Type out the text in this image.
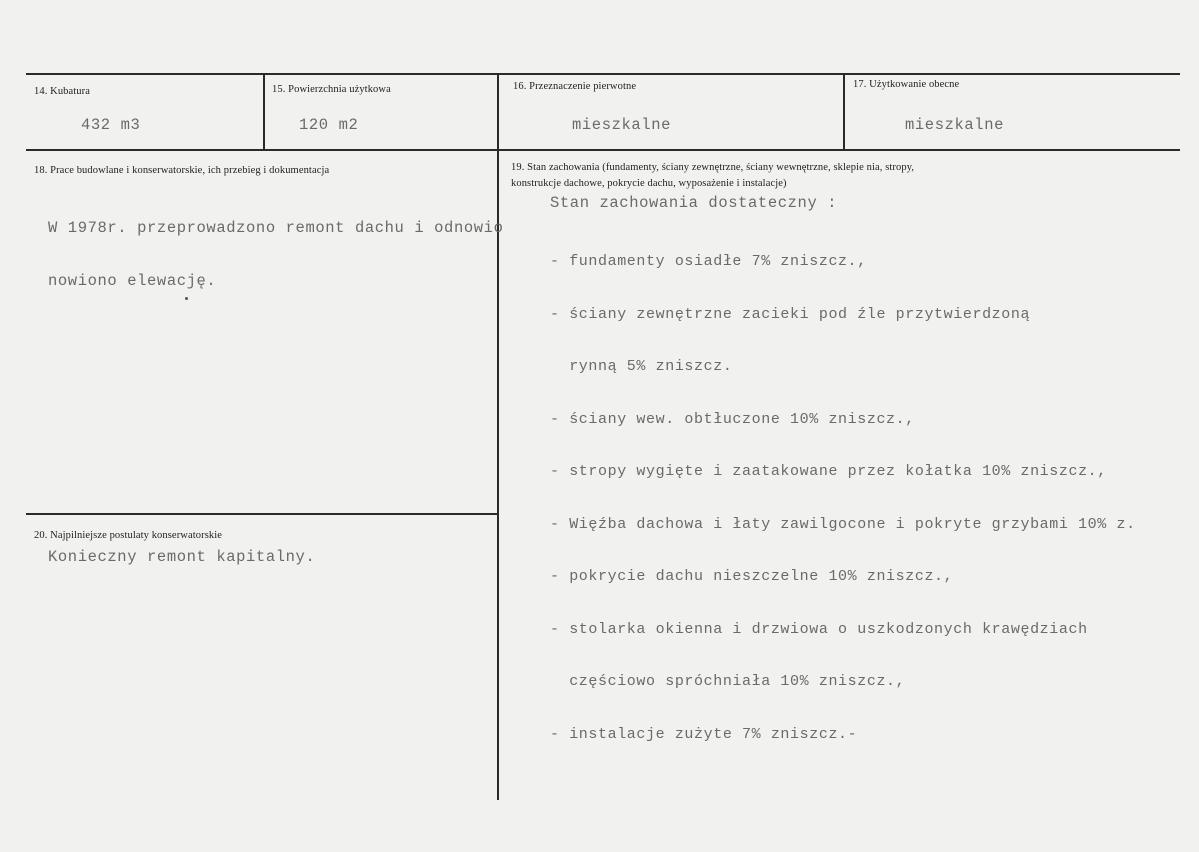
14. Kubatura
432 m3
15. Powierzchnia użytkowa
120 m2
16. Przeznaczenie pierwotne
mieszkalne
17. Użytkowanie obecne
mieszkalne
18. Prace budowlane i konserwatorskie, ich przebieg i dokumentacja

W 1978r. przeprowadzono remont dachu i odnowio

nowiono elewację.

19. Stan zachowania (fundamenty, ściany zewnętrzne, ściany wewnętrzne, sklepie nia, stropy,
konstrukcje dachowe, pokrycie dachu, wyposażenie i instalacje)
Stan zachowania dostateczny :

- fundamenty osiadłe 7% zniszcz.,

- ściany zewnętrzne zacieki pod źle przytwierdzoną

rynną 5% zniszcz.

- ściany wew. obtłuczone 10% zniszcz.,

- stropy wygięte i zaatakowane przez kołatka 10% zniszcz.,

- Więźba dachowa i łaty zawilgocone i pokryte grzybami 10% z.

- pokrycie dachu nieszczelne 10% zniszcz.,

- stolarka okienna i drzwiowa o uszkodzonych krawędziach

częściowo spróchniała 10% zniszcz.,

- instalacje zużyte 7% zniszcz.-

20. Najpilniejsze postulaty konserwatorskie
Konieczny remont kapitalny.
